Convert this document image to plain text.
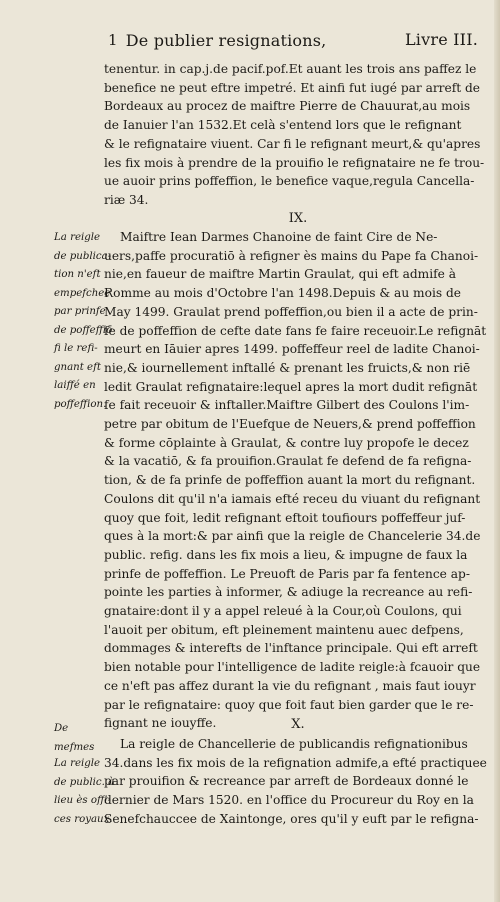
1 De publier resignations,	Livre III.
tenentur. in cap.j.de pacif.pof.Et auant les trois ans paffez le
benefice ne peut eftre impetré. Et ainfi fut iugé par arreft de
Bordeaux au procez de maiftre Pierre de Chauurat,au mois
de Ianuier l'an 1532.Et celà s'entend lors que le refignant
& le refignataire viuent. Car fi le refignant meurt,& qu'apres
les fix mois à prendre de la prouifio le refignataire ne fe trou-
ue auoir prins poffeffion, le benefice vaque,regula Cancella-
riæ 34.
IX.
La reigle
de publica-
tion n'eft
empefchee
par prinfe
de poffeffiō
fi le refi-
gnant eft
laiffé en
poffeffion.
Maiftre Iean Darmes Chanoine de faint Cire de Ne-
uers,paffe procuratiō à refigner ès mains du Pape fa Chanoi-
nie,en faueur de maiftre Martin Graulat, qui eft admife à
Romme au mois d'Octobre l'an 1498.Depuis & au mois de
May 1499. Graulat prend poffeffion,ou bien il a acte de prin-
fe de poffeffion de cefte date fans fe faire receuoir.Le refignāt
meurt en Iāuier apres 1499. poffeffeur reel de ladite Chanoi-
nie,& iournellement inftallé & prenant les fruicts,& non riē
ledit Graulat refignataire:lequel apres la mort dudit refignāt
fe fait receuoir & inftaller.Maiftre Gilbert des Coulons l'im-
petre par obitum de l'Euefque de Neuers,& prend poffeffion
& forme cōplainte à Graulat, & contre luy propofe le decez
& la vacatiō, & fa prouifion.Graulat fe defend de fa refigna-
tion, & de fa prinfe de poffeffion auant la mort du refignant.
Coulons dit qu'il n'a iamais efté receu du viuant du refignant
quoy que foit, ledit refignant eftoit toufiours poffeffeur juf-
ques à la mort:& par ainfi que la reigle de Chancelerie 34.de
public. refig. dans les fix mois a lieu, & impugne de faux la
prinfe de poffeffion. Le Preuoft de Paris par fa fentence ap-
pointe les parties à informer, & adiuge la recreance au refi-
gnataire:dont il y a appel releué à la Cour,où Coulons, qui
l'auoit per obitum, eft pleinement maintenu auec defpens,
dommages & interefts de l'inftance principale. Qui eft arreft
bien notable pour l'intelligence de ladite reigle:à fcauoir que
ce n'eft pas affez durant la vie du refignant , mais faut iouyr
par le refignataire: quoy que foit faut bien garder que le re-
fignant ne iouyffe.
De mefmes
X.
La reigle
de public. à
lieu ès offi-
ces royaux.
La reigle de Chancellerie de publicandis refignationibus
34.dans les fix mois de la refignation admife,a efté practiquee
par prouifion & recreance par arreft de Bordeaux donné le
dernier de Mars 1520. en l'office du Procureur du Roy en la
Senefchauccee de Xaintonge, ores qu'il y euft par le refigna-
